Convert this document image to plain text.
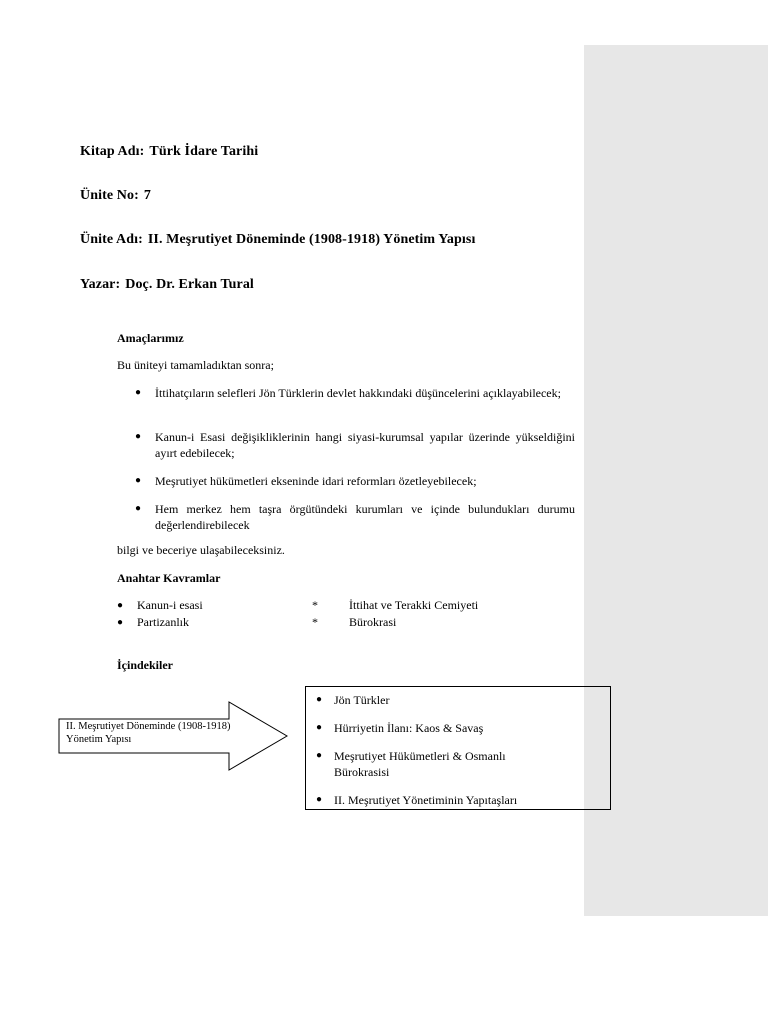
Kitap Adı: Türk İdare Tarihi
Ünite No: 7
Ünite Adı: II. Meşrutiyet Döneminde (1908-1918) Yönetim Yapısı
Yazar: Doç. Dr. Erkan Tural
Amaçlarımız
Bu üniteyi tamamladıktan sonra;
●	İttihatçıların selefleri Jön Türklerin devlet hakkındaki düşüncelerini açıklayabilecek;
●	Kanun-i Esasi değişikliklerinin hangi siyasi-kurumsal yapılar üzerinde yükseldiğini ayırt edebilecek;
●	Meşrutiyet hükümetleri ekseninde idari reformları özetleyebilecek;
●	Hem merkez hem taşra örgütündeki kurumları ve içinde bulundukları durumu değerlendirebilecek
bilgi ve beceriye ulaşabileceksiniz.
Anahtar Kavramlar
● Kanun-i esasi	*	İttihat ve Terakki Cemiyeti
● Partizanlık	*	Bürokrasi
İçindekiler
II. Meşrutiyet Döneminde (1908-1918) Yönetim Yapısı
● Jön Türkler
● Hürriyetin İlanı: Kaos & Savaş
● Meşrutiyet Hükümetleri & Osmanlı Bürokrasisi
● II. Meşrutiyet Yönetiminin Yapıtaşları
